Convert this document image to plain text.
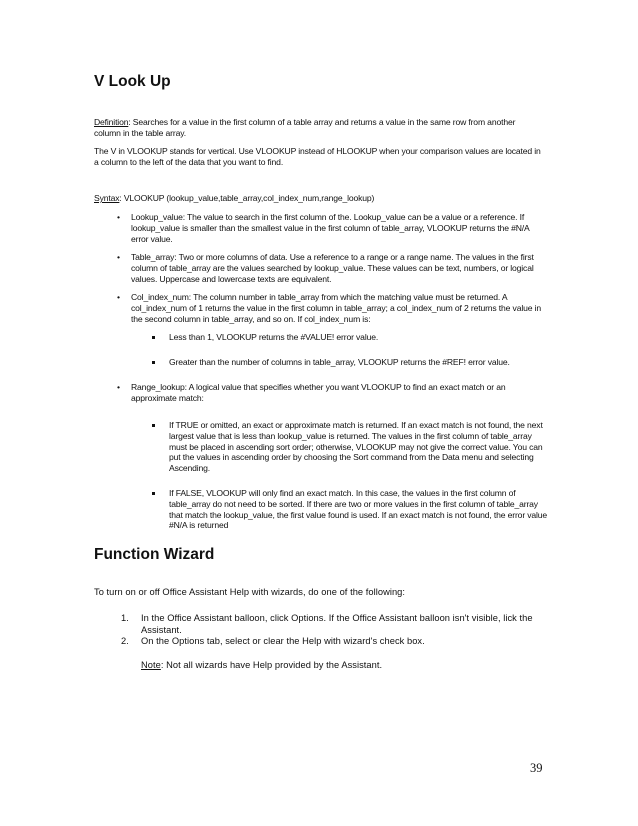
V Look Up

Definition: Searches for a value in the first column of a table array and returns a value in the same row from another column in the table array.

The V in VLOOKUP stands for vertical. Use VLOOKUP instead of HLOOKUP when your comparison values are located in a column to the left of the data that you want to find.

Syntax: VLOOKUP (lookup_value,table_array,col_index_num,range_lookup)

• Lookup_value: The value to search in the first column of the. Lookup_value can be a value or a reference. If lookup_value is smaller than the smallest value in the first column of table_array, VLOOKUP returns the #N/A error value.

• Table_array: Two or more columns of data. Use a reference to a range or a range name. The values in the first column of table_array are the values searched by lookup_value. These values can be text, numbers, or logical values. Uppercase and lowercase texts are equivalent.

• Col_index_num: The column number in table_array from which the matching value must be returned. A col_index_num of 1 returns the value in the first column in table_array; a col_index_num of 2 returns the value in the second column in table_array, and so on. If col_index_num is:

Less than 1, VLOOKUP returns the #VALUE! error value.

Greater than the number of columns in table_array, VLOOKUP returns the #REF! error value.

• Range_lookup: A logical value that specifies whether you want VLOOKUP to find an exact match or an approximate match:

If TRUE or omitted, an exact or approximate match is returned. If an exact match is not found, the next largest value that is less than lookup_value is returned. The values in the first column of table_array must be placed in ascending sort order; otherwise, VLOOKUP may not give the correct value. You can put the values in ascending order by choosing the Sort command from the Data menu and selecting Ascending.

If FALSE, VLOOKUP will only find an exact match. In this case, the values in the first column of table_array do not need to be sorted. If there are two or more values in the first column of table_array that match the lookup_value, the first value found is used. If an exact match is not found, the error value #N/A is returned

Function Wizard

To turn on or off Office Assistant Help with wizards, do one of the following:

1. In the Office Assistant balloon, click Options. If the Office Assistant balloon isn't visible, lick the Assistant.

2. On the Options tab, select or clear the Help with wizard's check box.

Note: Not all wizards have Help provided by the Assistant.

39
